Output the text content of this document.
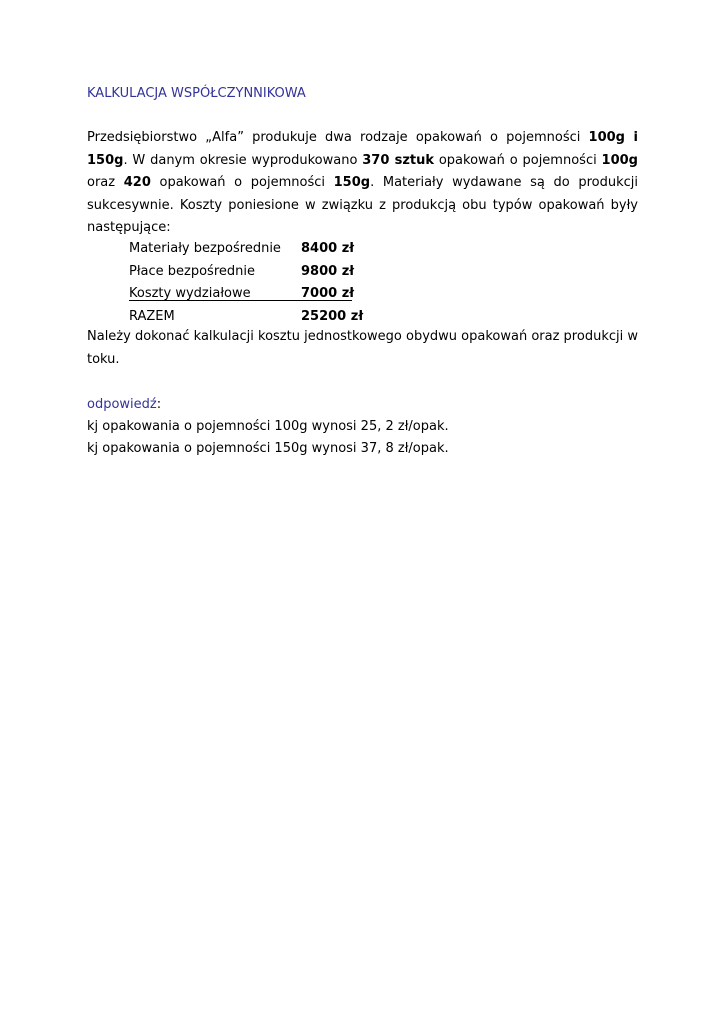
KALKULACJA WSPÓŁCZYNNIKOWA
Przedsiębiorstwo „Alfa” produkuje dwa rodzaje opakowań o pojemności 100g i 150g. W danym okresie wyprodukowano 370 sztuk opakowań o pojemności 100g oraz 420 opakowań o pojemności 150g. Materiały wydawane są do produkcji sukcesywnie. Koszty poniesione w związku z produkcją obu typów opakowań były następujące:
Materiały bezpośrednie 8400 zł
Płace bezpośrednie	9800 zł
Koszty wydziałowe	7000 zł
RAZEM	25200 zł
Należy dokonać kalkulacji kosztu jednostkowego obydwu opakowań oraz produkcji w toku.
odpowiedź:
kj opakowania o pojemności 100g wynosi 25, 2 zł/opak.
kj opakowania o pojemności 150g wynosi 37, 8 zł/opak.
